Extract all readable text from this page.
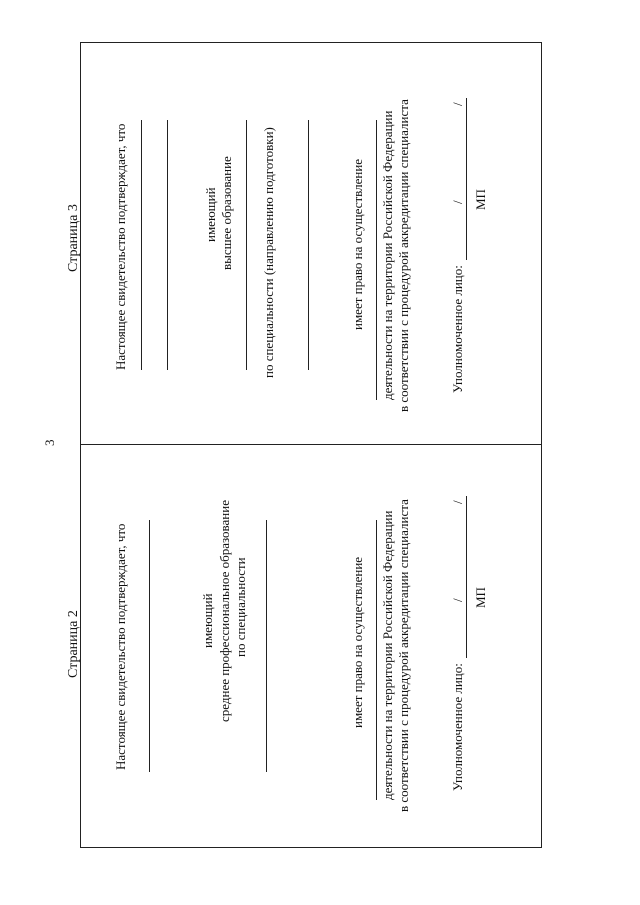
3
Страница 3 Настоящее свидетельство подтверждает, что	имеющий высшее образование по специальности (направлению подготовки)	имеет право на осуществление деятельности на территории Российской Федерации в соответствии с процедурой аккредитации специалиста	Уполномоченное лицо:
/
/
МП
Страница 2 Настоящее свидетельство подтверждает, что	имеющий среднее профессиональное образование по специальности	имеет право на осуществление деятельности на территории Российской Федерации в соответствии с процедурой аккредитации специалиста	Уполномоченное лицо:
/
/
МП
